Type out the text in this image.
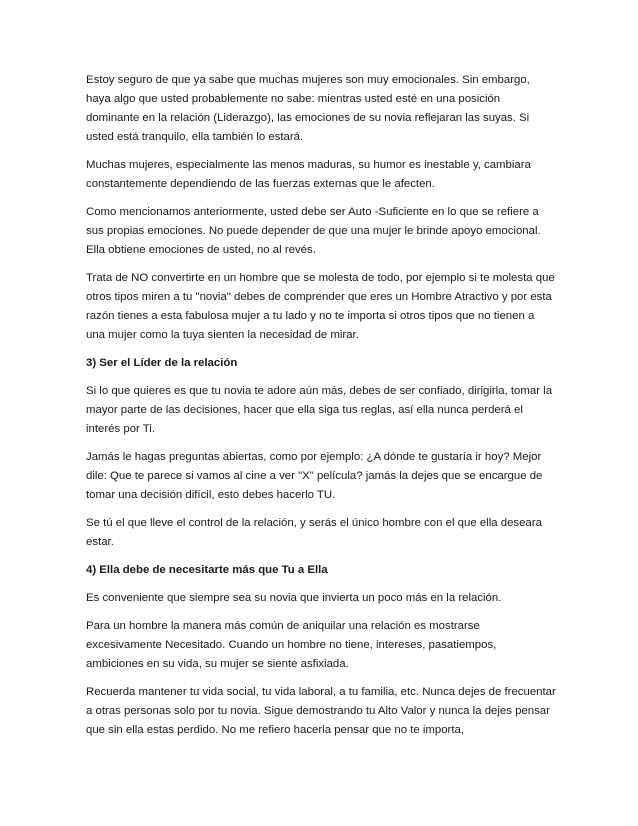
Estoy seguro de que ya sabe que muchas mujeres son muy emocionales. Sin embargo, haya algo que usted probablemente no sabe: mientras usted esté en una posición dominante en la relación (Liderazgo), las emociones de su novia reflejaran las suyas. Si usted está tranquilo, ella también lo estará.

Muchas mujeres, especialmente las menos maduras, su humor es inestable y, cambiara constantemente dependiendo de las fuerzas externas que le afecten.

Como mencionamos anteriormente, usted debe ser Auto -Suficiente en lo que se refiere a sus propias emociones. No puede depender de que una mujer le brinde apoyo emocional. Ella obtiene emociones de usted, no al revés.

Trata de NO convertirte en un hombre que se molesta de todo, por ejemplo si te molesta que otros tipos miren a tu "novia" debes de comprender que eres un Hombre Atractivo y por esta razón tienes a esta fabulosa mujer a tu lado y no te importa si otros tipos que no tienen a una mujer como la tuya sienten la necesidad de mirar.

3) Ser el Líder de la relación

Si lo que quieres es que tu novia te adore aún más, debes de ser confiado, dirigirla, tomar la mayor parte de las decisiones, hacer que ella siga tus reglas, así ella nunca perderá el interés por Ti.

Jamás le hagas preguntas abiertas, como por ejemplo: ¿A dónde te gustaría ir hoy? Mejor dile: Que te parece si vamos al cine a ver "X" película? jamás la dejes que se encargue de tomar una decisión difícil, esto debes hacerlo TU.

Se tú el que lleve el control de la relación, y serás el único hombre con el que ella deseara estar.

4) Ella debe de necesitarte más que Tu a Ella

Es conveniente que siempre sea su novia que invierta un poco más en la relación.

Para un hombre la manera más común de aniquilar una relación es mostrarse excesivamente Necesitado. Cuando un hombre no tiene, intereses, pasatiempos, ambiciones en su vida, su mujer se siente asfixiada.

Recuerda mantener tu vida social, tu vida laboral, a tu familia, etc. Nunca dejes de frecuentar a otras personas solo por tu novia. Sigue demostrando tu Alto Valor y nunca la dejes pensar que sin ella estas perdido. No me refiero hacerla pensar que no te importa,
